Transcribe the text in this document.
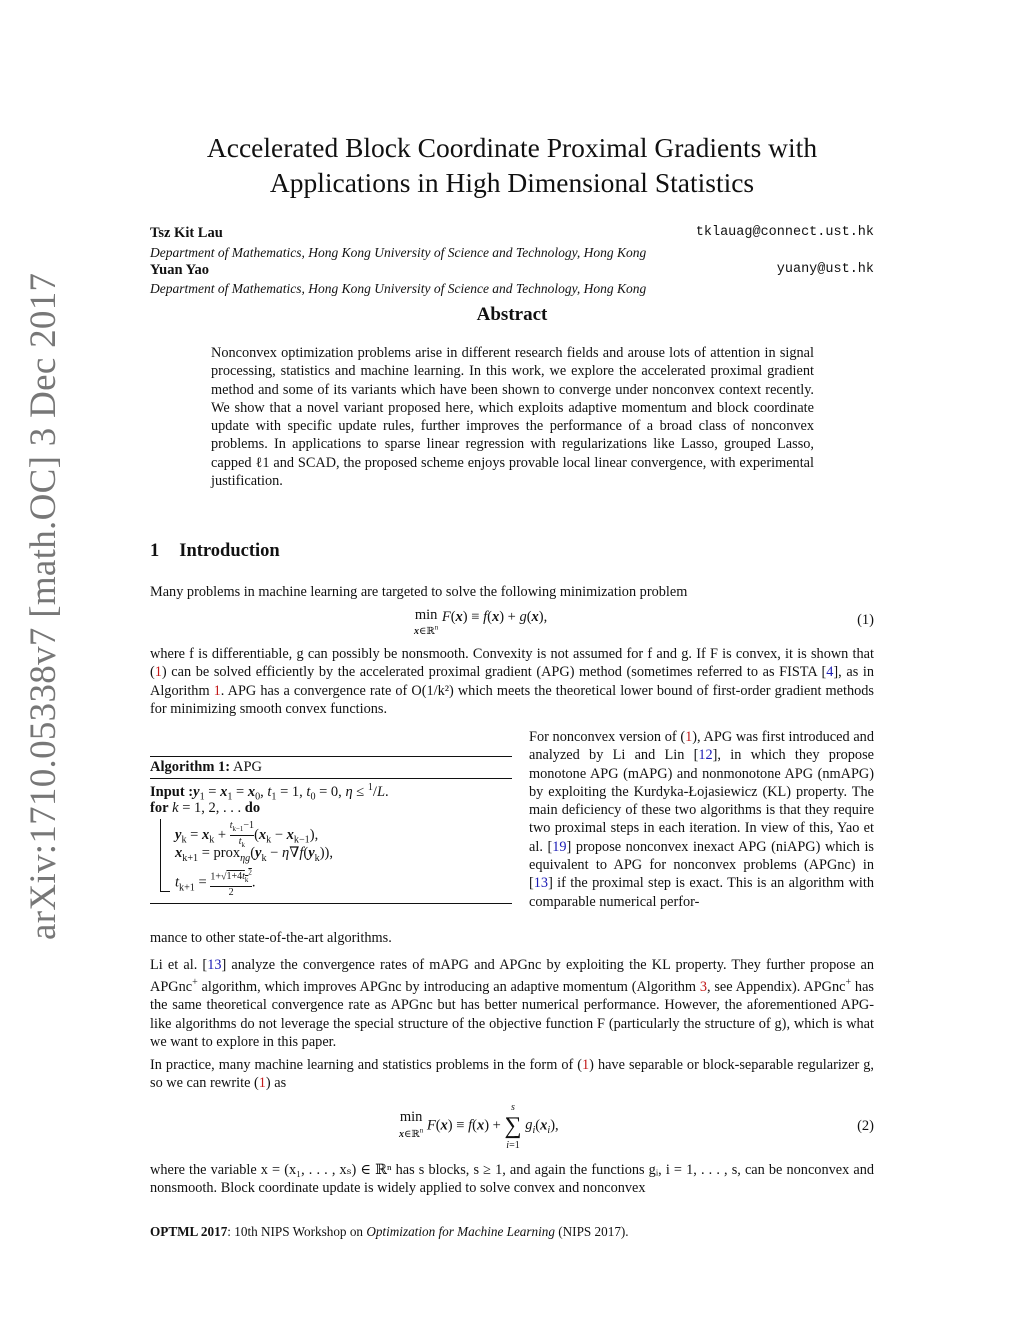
arXiv:1710.05338v7 [math.OC] 3 Dec 2017
Accelerated Block Coordinate Proximal Gradients with
Applications in High Dimensional Statistics
Tsz Kit Lau	tklauag@connect.ust.hk
Department of Mathematics, Hong Kong University of Science and Technology, Hong Kong
Yuan Yao	yuany@ust.hk
Department of Mathematics, Hong Kong University of Science and Technology, Hong Kong
Abstract
Nonconvex optimization problems arise in different research fields and arouse lots of attention in signal processing, statistics and machine learning. In this work, we explore the accelerated proximal gradient method and some of its variants which have been shown to converge under nonconvex context recently. We show that a novel variant proposed here, which exploits adaptive momentum and block coordinate update with specific update rules, further improves the performance of a broad class of nonconvex problems. In applications to sparse linear regression with regularizations like Lasso, grouped Lasso, capped ℓ1 and SCAD, the proposed scheme enjoys provable local linear convergence, with experimental justification.
1 Introduction
Many problems in machine learning are targeted to solve the following minimization problem
min
x∈ℝ$^n$ F(x) ≡ f(x) + g(x),	(1)
where f is differentiable, g can possibly be nonsmooth. Convexity is not assumed for f and g. If F is convex, it is shown that (1) can be solved efficiently by the accelerated proximal gradient (APG) method (sometimes referred to as FISTA [4], as in Algorithm 1. APG has a convergence rate of O(1/k²) which meets the theoretical lower bound of first-order gradient methods for minimizing smooth convex functions.
Algorithm 1: APG
Input $:y_1 = x_1 = x_0$, $t_1 = 1$, $t_0 = 0$, η ≤ $^1$/L.
for k = 1, 2, . . . do
$y_k = x_k$ +
$t_{k-1}-1$
$t_k(x_k - x_{k-1})$,
$x_{k+1}$ = $prox_{\eta g}(y_k - \eta\nabla f(y_k))$,
$t_{k+1} = 1+√1+4t_k^2$
2.
For nonconvex version of (1), APG was first introduced and analyzed by Li and Lin [12], in which they propose monotone APG (mAPG) and nonmonotone APG (nmAPG) by exploiting the Kurdyka-Łojasiewicz (KL) property. The main deficiency of these two algorithms is that they require two proximal steps in each iteration. In view of this, Yao et al. [19] propose nonconvex inexact APG (niAPG) which is equivalent to APG for nonconvex problems (APGnc) in [13] if the proximal step is exact. This is an algorithm with comparable numerical perfor-
mance to other state-of-the-art algorithms.
Li et al. [13] analyze the convergence rates of mAPG and APGnc by exploiting the KL property. They further propose an APGnc+ algorithm, which improves APGnc by introducing an adaptive momentum (Algorithm 3, see Appendix). APGnc+ has the same theoretical convergence rate as APGnc but has better numerical performance. However, the aforementioned APG-like algorithms do not leverage the special structure of the objective function F (particularly the structure of g), which is what we want to explore in this paper.
In practice, many machine learning and statistics problems in the form of (1) have separable or block-separable regularizer g, so we can rewrite (1) as
min
x∈ℝ$^n$ F(x) ≡ f(x) + s
∑
i=1 $g_i(x_i)$,	(2)
where the variable x = (x₁, . . . , xₛ) ∈ ℝⁿ has s blocks, s ≥ 1, and again the functions gᵢ, i = 1, . . . , s, can be nonconvex and nonsmooth. Block coordinate update is widely applied to solve convex and nonconvex
OPTML 2017: 10th NIPS Workshop on Optimization for Machine Learning (NIPS 2017).
